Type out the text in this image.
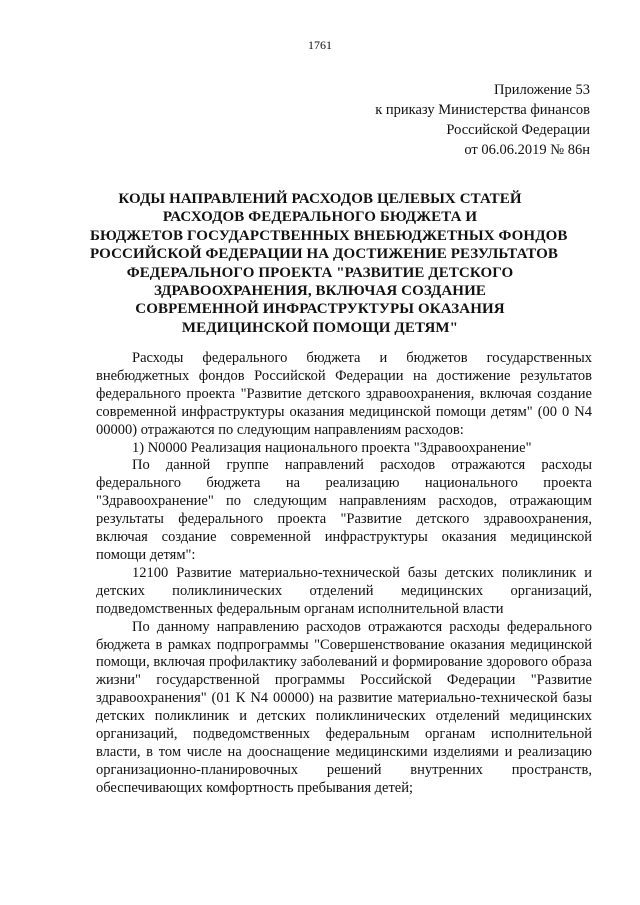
1761
Приложение 53
к приказу Министерства финансов
Российской Федерации
от 06.06.2019 № 86н
КОДЫ НАПРАВЛЕНИЙ РАСХОДОВ ЦЕЛЕВЫХ СТАТЕЙ
РАСХОДОВ ФЕДЕРАЛЬНОГО БЮДЖЕТА И
БЮДЖЕТОВ ГОСУДАРСТВЕННЫХ ВНЕБЮДЖЕТНЫХ ФОНДОВ
РОССИЙСКОЙ ФЕДЕРАЦИИ НА ДОСТИЖЕНИЕ РЕЗУЛЬТАТОВ
ФЕДЕРАЛЬНОГО ПРОЕКТА "РАЗВИТИЕ ДЕТСКОГО
ЗДРАВООХРАНЕНИЯ, ВКЛЮЧАЯ СОЗДАНИЕ
СОВРЕМЕННОЙ ИНФРАСТРУКТУРЫ ОКАЗАНИЯ
МЕДИЦИНСКОЙ ПОМОЩИ ДЕТЯМ"

Расходы федерального бюджета и бюджетов государственных внебюджетных фондов Российской Федерации на достижение результатов федерального проекта "Развитие детского здравоохранения, включая создание современной инфраструктуры оказания медицинской помощи детям" (00 0 N4 00000) отражаются по следующим направлениям расходов:

1) N0000 Реализация национального проекта "Здравоохранение"

По данной группе направлений расходов отражаются расходы федерального бюджета на реализацию национального проекта "Здравоохранение" по следующим направлениям расходов, отражающим результаты федерального проекта "Развитие детского здравоохранения, включая создание современной инфраструктуры оказания медицинской помощи детям":

12100 Развитие материально-технической базы детских поликлиник и детских поликлинических отделений медицинских организаций, подведомственных федеральным органам исполнительной власти

По данному направлению расходов отражаются расходы федерального бюджета в рамках подпрограммы "Совершенствование оказания медицинской помощи, включая профилактику заболеваний и формирование здорового образа жизни" государственной программы Российской Федерации "Развитие здравоохранения" (01 К N4 00000) на развитие материально-технической базы детских поликлиник и детских поликлинических отделений медицинских организаций, подведомственных федеральным органам исполнительной власти, в том числе на дооснащение медицинскими изделиями и реализацию организационно-планировочных решений внутренних пространств, обеспечивающих комфортность пребывания детей;
